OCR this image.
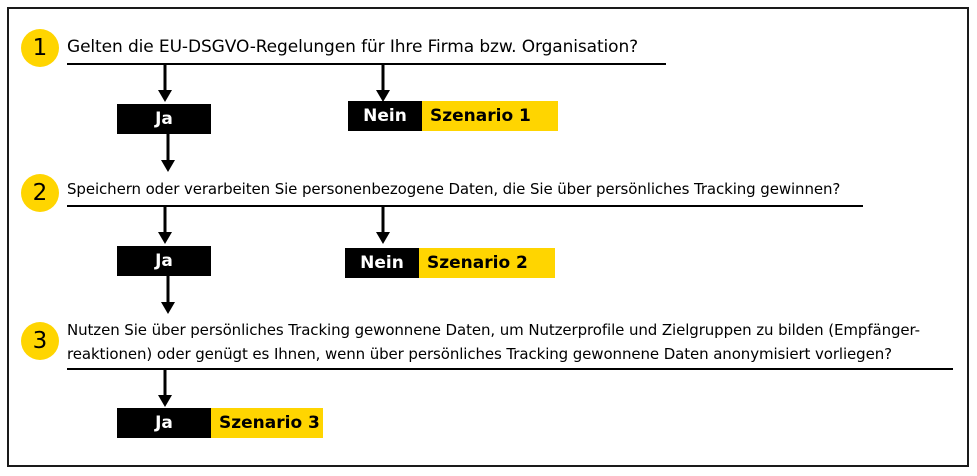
1	Gelten die EU-DSGVO-Regelungen für Ihre Firma bzw. Organisation?
Ja	Nein	Szenario 1
2	Speichern oder verarbeiten Sie personenbezogene Daten, die Sie über persönliches Tracking gewinnen?
Ja	Nein	Szenario 2
3	Nutzen Sie über persönliches Tracking gewonnene Daten, um Nutzerprofile und Zielgruppen zu bilden (Empfänger-
reaktionen) oder genügt es Ihnen, wenn über persönliches Tracking gewonnene Daten anonymisiert vorliegen?
Ja	Szenario 3
